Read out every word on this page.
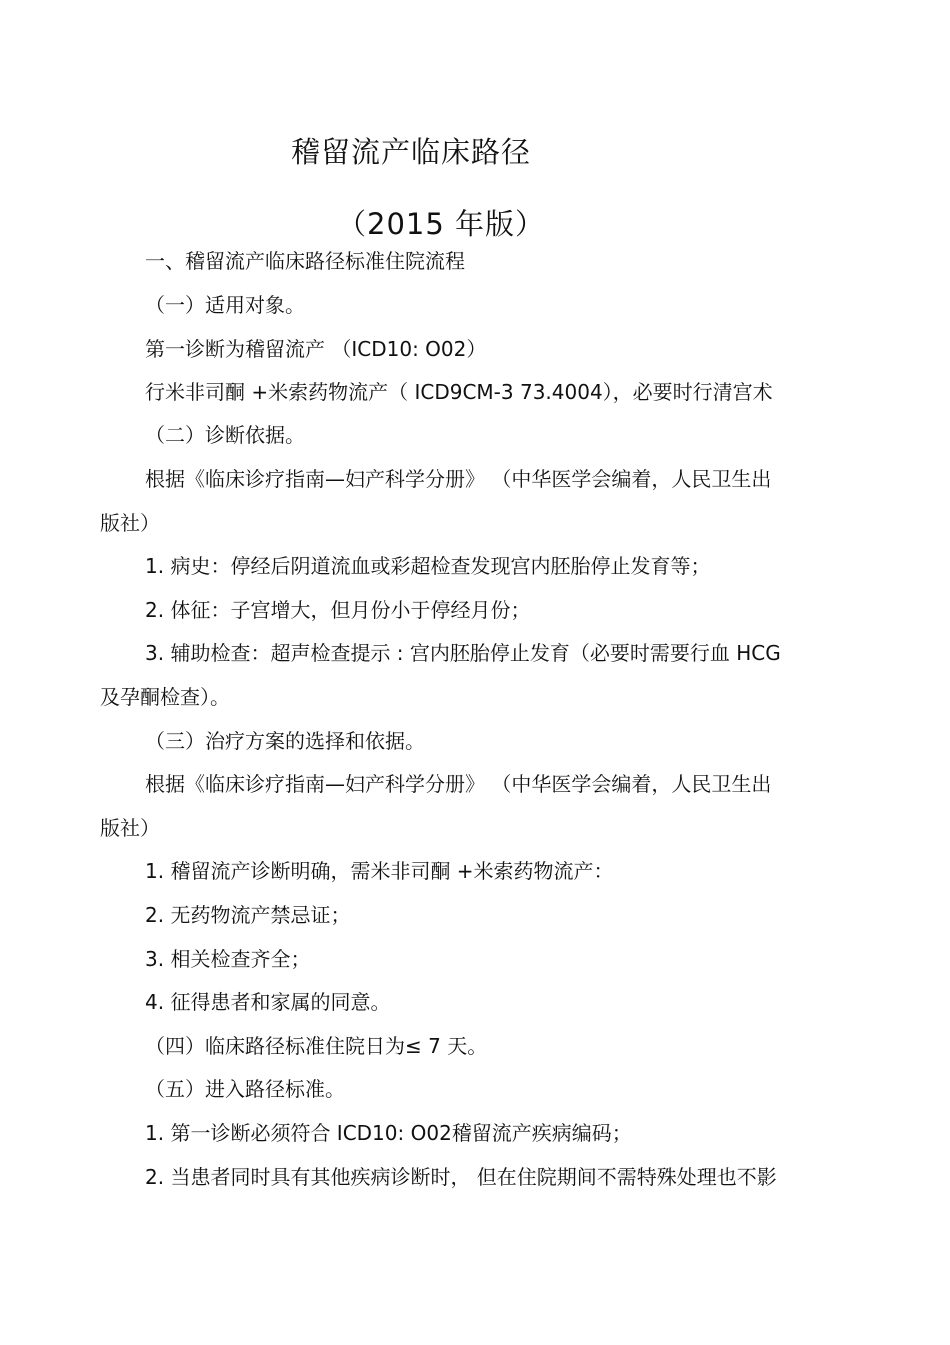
稽留流产临床路径
（2015 年版）
一、稽留流产临床路径标准住院流程
（一）适用对象。
第一诊断为稽留流产 （ICD10: O02）
行米非司酮 +米索药物流产（ ICD9CM-3 73.4004），必要时行清宫术
（二）诊断依据。
根据《临床诊疗指南—妇产科学分册》 （中华医学会编着，人民卫生出
版社）
1. 病史：停经后阴道流血或彩超检查发现宫内胚胎停止发育等；
2. 体征：子宫增大，但月份小于停经月份；
3. 辅助检查：超声检查提示 : 宫内胚胎停止发育（必要时需要行血 HCG
及孕酮检查）。
（三）治疗方案的选择和依据。
根据《临床诊疗指南—妇产科学分册》 （中华医学会编着，人民卫生出
版社）
1. 稽留流产诊断明确，需米非司酮 +米索药物流产：
2. 无药物流产禁忌证；
3. 相关检查齐全；
4. 征得患者和家属的同意。
（四）临床路径标准住院日为≤ 7 天。
（五）进入路径标准。
1. 第一诊断必须符合 ICD10: O02稽留流产疾病编码；
2. 当患者同时具有其他疾病诊断时， 但在住院期间不需特殊处理也不影
